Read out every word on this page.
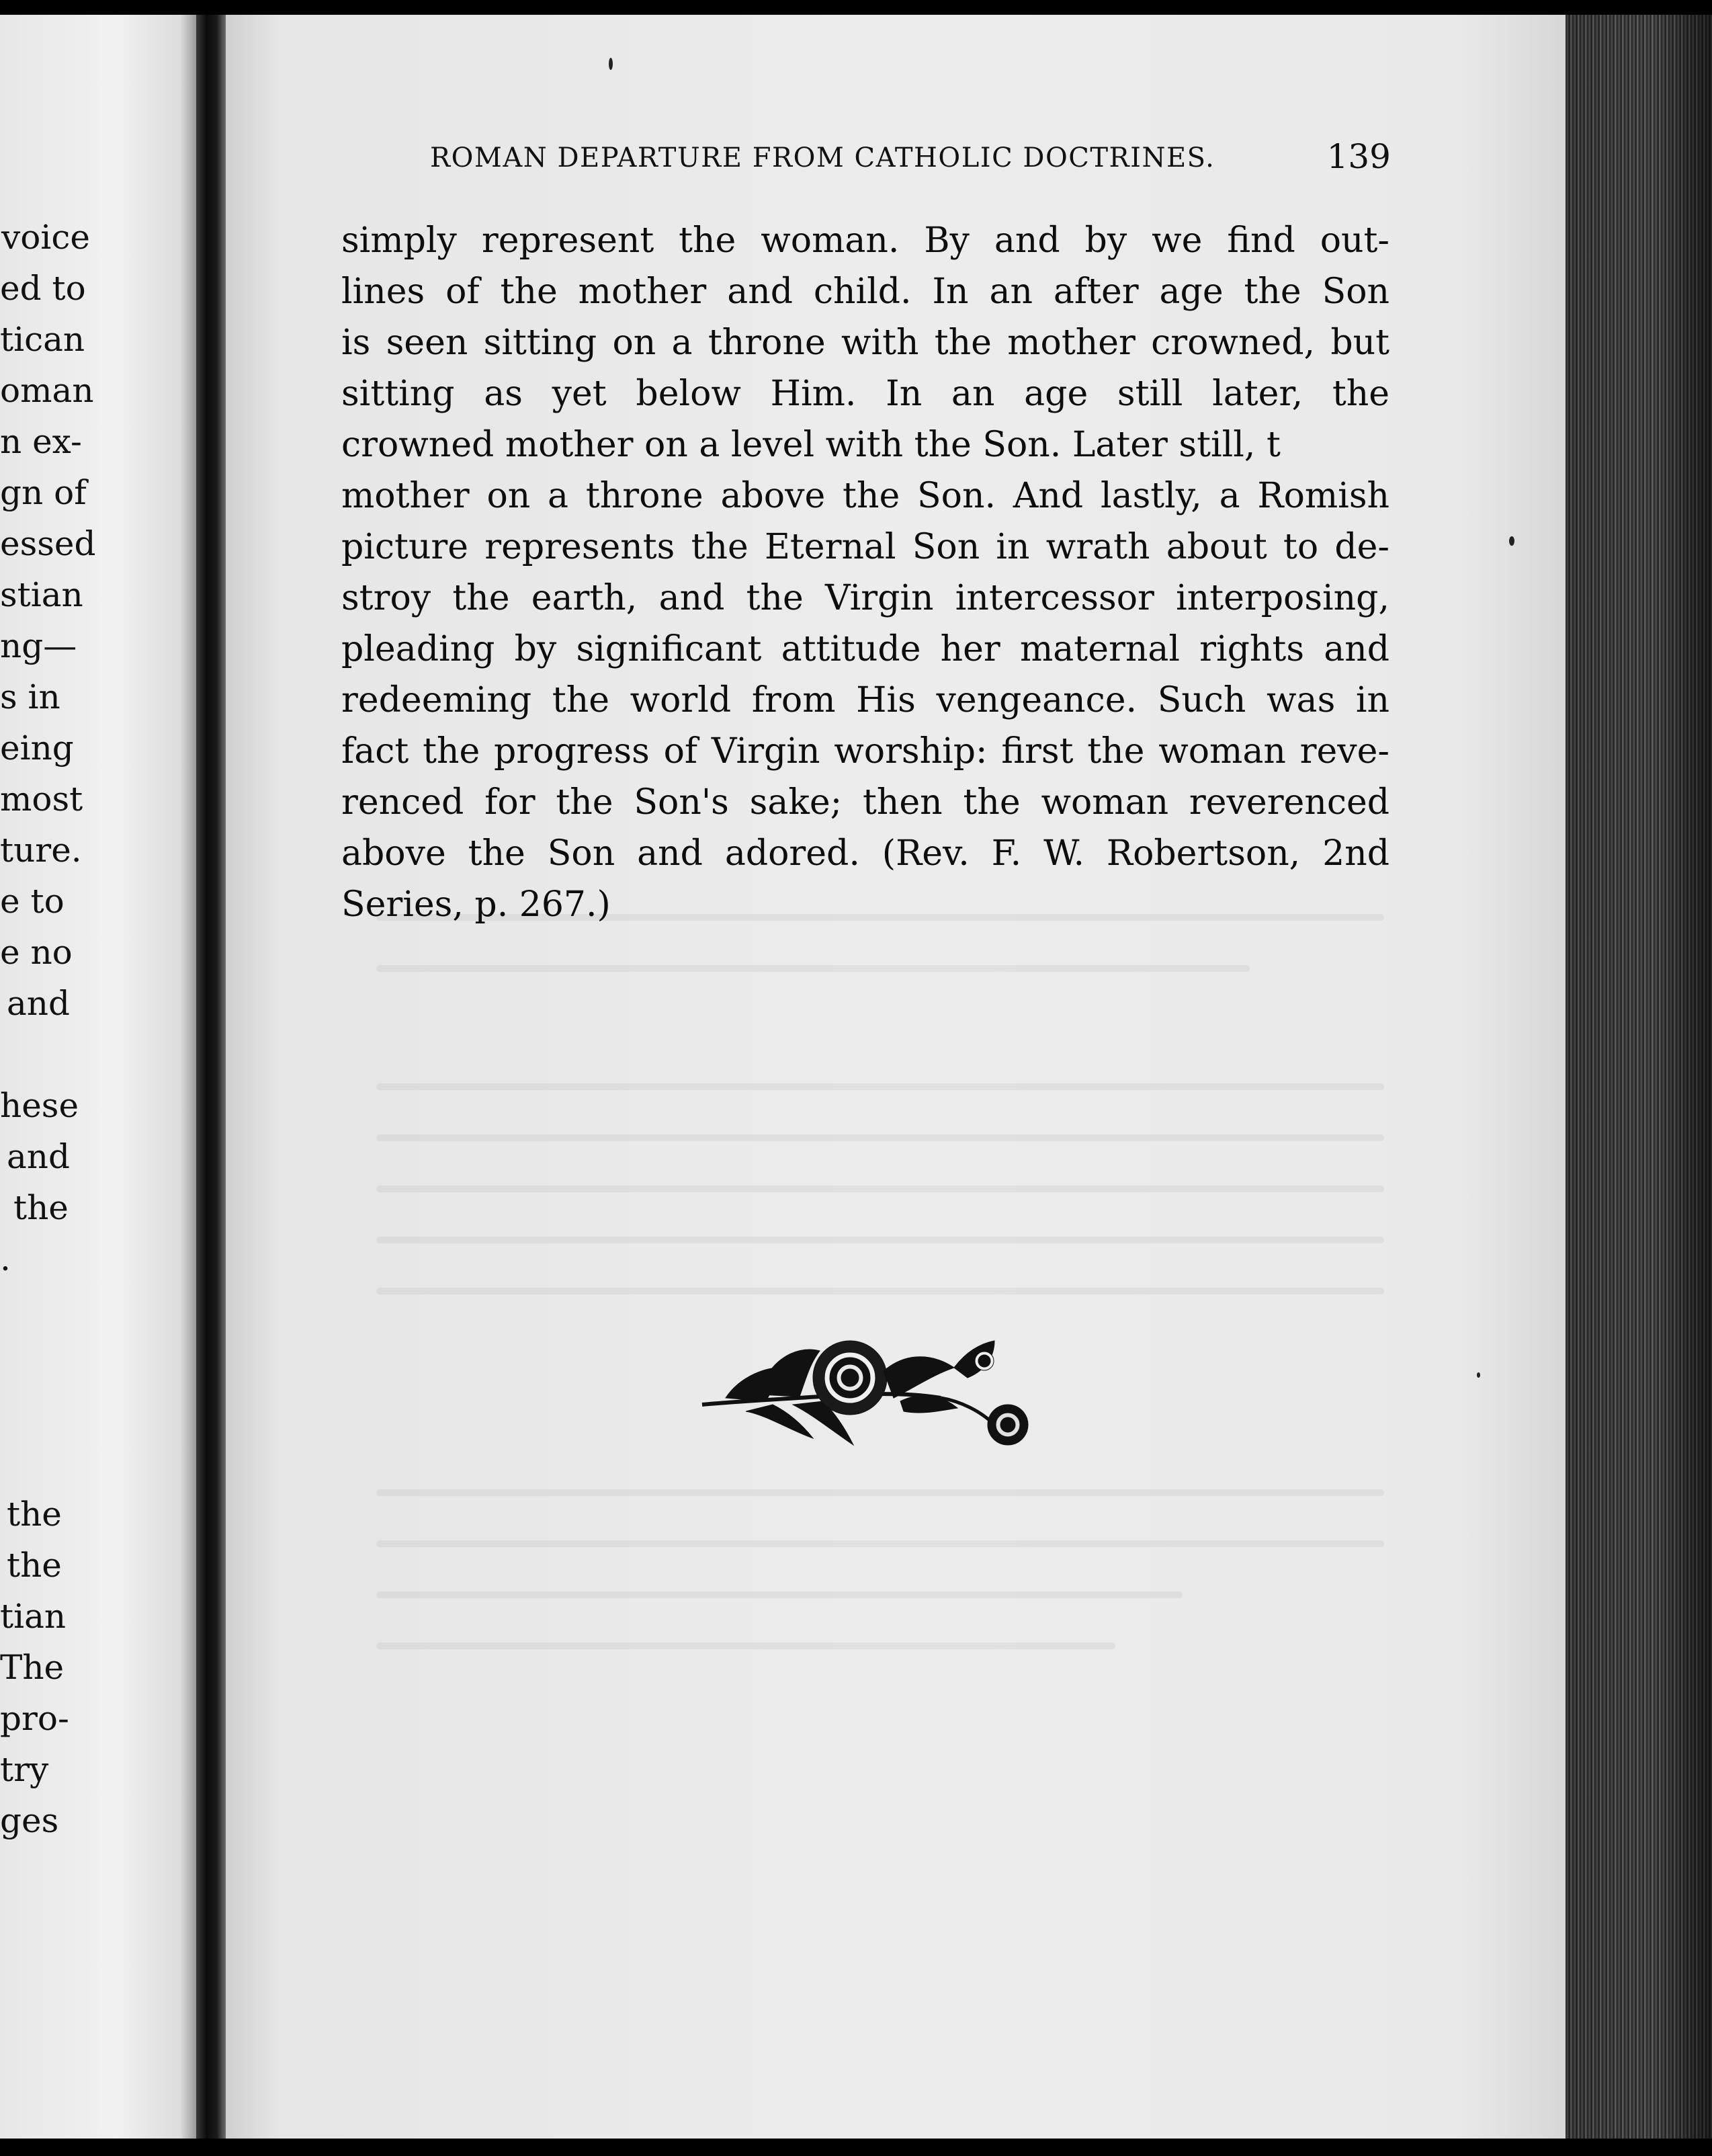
voice
ed to
tican
oman
n ex-
gn of
essed
stian
ng—
s in
eing
most
ture.
e to
e no
and
hese
and
the
.
the
the
tian
The
pro-
try
ges
ROMAN DEPARTURE FROM CATHOLIC DOCTRINES.	139
simply represent the woman. By and by we find out-
lines of the mother and child. In an after age the Son
is seen sitting on a throne with the mother crowned, but
sitting as yet below Him. In an age still later, the
crowned mother on a level with the Son. Later still, t
mother on a throne above the Son. And lastly, a Romish
picture represents the Eternal Son in wrath about to de-
stroy the earth, and the Virgin intercessor interposing,
pleading by significant attitude her maternal rights and
redeeming the world from His vengeance. Such was in
fact the progress of Virgin worship: first the woman reve-
renced for the Son's sake; then the woman reverenced
above the Son and adored. (Rev. F. W. Robertson, 2nd
Series, p. 267.)
